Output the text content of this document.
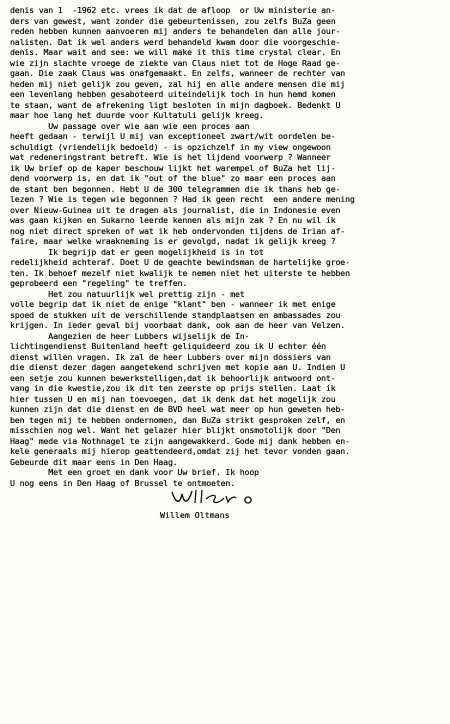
denis van 1  -1962 etc. vrees ik dat de afloop  or Uw ministerie an-
ders van gewest, want zonder die gebeurtenissen, zou zelfs BuZa geen
reden hebben kunnen aanvoeren mij anders te behandelen dan alle jour-
nalisten. Dat ik wel anders werd behandeld kwam door die voorgeschie-
denis. Maar wait and see: we will make it this time crystal clear. En
wie zijn slachte vroege de ziekte van Claus niet tot de Hoge Raad ge-
gaan. Die zaak Claus was onafgemaakt. En zelfs, wanneer de rechter van
heden mij niet gelijk zou geven, zal hij en alle andere mensen die mij
een levenlang hebben gesaboteerd uiteindelijk toch in hun hemd komen
te staan, want de afrekening ligt besloten in mijn dagboek. Bedenkt U
maar hoe lang het duurde voor Kultatuli gelijk kreeg.
Uw passage over wie aan wie een proces aan
heeft gedaan - terwijl U mij van exceptioneel zwart/wit oordelen be-
schuldigt (vriendelijk bedoeld) - is opzichzelf in my view ongewoon
wat redeneringstrant betreft. Wie is het lijdend voorwerp ? Wanneer
ik Uw brief op de kaper beschouw lijkt het warempel of BuZa het lij-
dend voorwerp is, en dat ik "out of the blue" zo maar een proces aan
de stant ben begonnen. Hebt U de 300 telegrammen die ik thans heb ge-
lezen ? Wie is tegen wie begonnen ? Had ik geen recht  een andere mening
over Nieuw-Guinea uit te dragen als journalist, die in Indonesie even
was gaan kijken en Sukarno leerde kennen als mijn zak ? En nu wil ik
nog niet direct spreken of wat ik heb ondervonden tijdens de Irian af-
faire, maar welke wraakneming is er gevolgd, nadat ik gelijk kreeg ?
Ik begrijp dat er geen mogelijkheid is in tot
redelijkheid achteraf. Doet U de geachte bewindsman de hartelijke groe-
ten. Ik behoef mezelf niet kwalijk te nemen niet het uiterste te hebben
geprobeerd een "regeling" te treffen.
Het zou natuurlijk wel prettig zijn - met
volle begrip dat ik niet de enige "klant" ben - wanneer ik met enige
spoed de stukken uit de verschillende standplaatsen en ambassades zou
krijgen. In ieder geval bij voorbaat dank, ook aan de heer van Velzen.
Aangezien de heer Lubbers wijselijk de In-
lichtingendienst Buitenland heeft geliquideerd zou ik U echter één
dienst willen vragen. Ik zal de heer Lubbers over mijn dossiers van
die dienst dezer dagen aangetekend schrijven met kopie aan U. Indien U
een setje zou kunnen bewerkstelligen,dat ik behoorlijk antwoord ont-
vang in die kwestie,zou ik dit ten zeerste op prijs stellen. Laat ik
hier tussen U en mij nan toevoegen, dat ik denk dat het mogelijk zou
kunnen zijn dat die dienst en de BVD heel wat meer op hun geweten heb-
ben tegen mij te hebben ondernomen, dan BuZa strikt gesproken zelf, en
misschien nog wel. Want het gelazer hier blijkt onsmotolijk door "Den
Haag" mede via Nothnagel te zijn aangewakkerd. Gode mij dank hebben en-
kele generaals mij hierop geattendeerd,omdat zij het tevor vonden gaan.
Gebeurde dit maar eens in Den Haag.
Met een groet en dank voor Uw brief. Ik hoop
U nog eens in Den Haag of Brussel te ontmoeten.
Willem Oltmans
